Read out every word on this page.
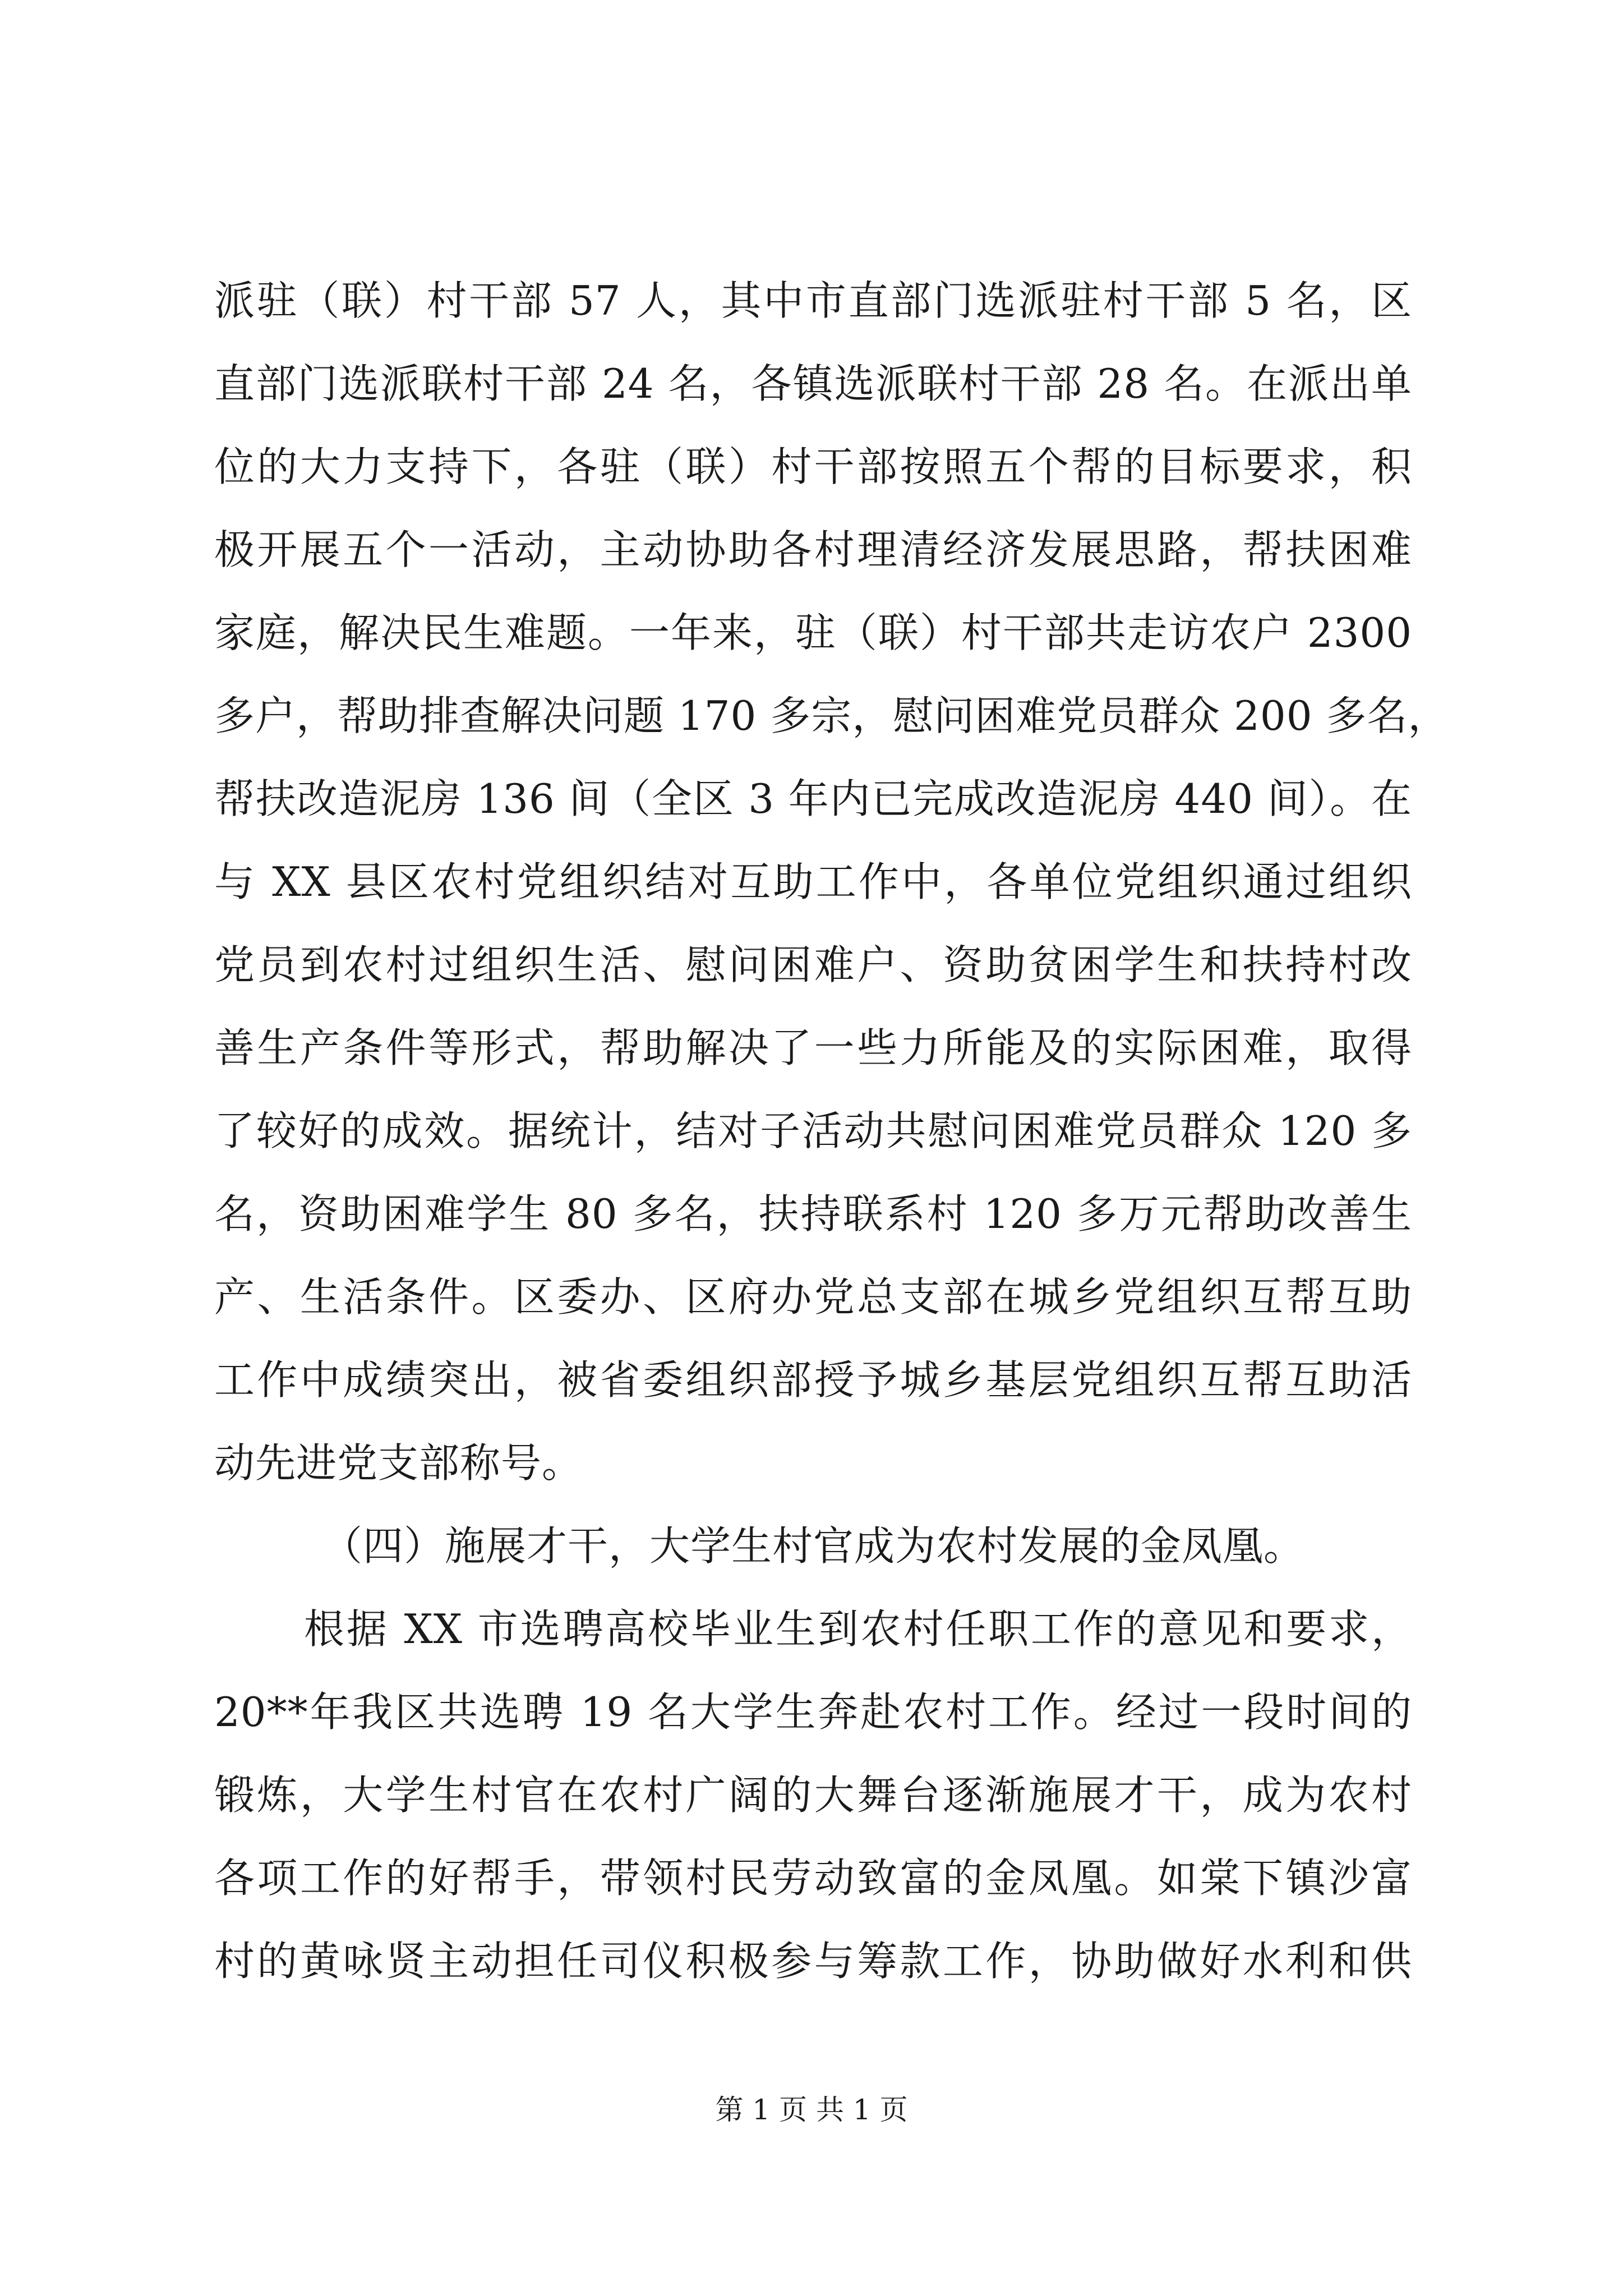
派驻（联）村干部 57 人，其中市直部门选派驻村干部 5 名，区
直部门选派联村干部 24 名，各镇选派联村干部 28 名。在派出单
位的大力支持下，各驻（联）村干部按照五个帮的目标要求，积
极开展五个一活动，主动协助各村理清经济发展思路，帮扶困难
家庭，解决民生难题。一年来，驻（联）村干部共走访农户 2300
多户，帮助排查解决问题 170 多宗，慰问困难党员群众 200 多名，
帮扶改造泥房 136 间（全区 3 年内已完成改造泥房 440 间）。在
与 XX 县区农村党组织结对互助工作中，各单位党组织通过组织
党员到农村过组织生活、慰问困难户、资助贫困学生和扶持村改
善生产条件等形式，帮助解决了一些力所能及的实际困难，取得
了较好的成效。据统计，结对子活动共慰问困难党员群众 120 多
名，资助困难学生 80 多名，扶持联系村 120 多万元帮助改善生
产、生活条件。区委办、区府办党总支部在城乡党组织互帮互助
工作中成绩突出，被省委组织部授予城乡基层党组织互帮互助活
动先进党支部称号。
（四）施展才干，大学生村官成为农村发展的金凤凰。
根据 XX 市选聘高校毕业生到农村任职工作的意见和要求，
20**年我区共选聘 19 名大学生奔赴农村工作。经过一段时间的
锻炼，大学生村官在农村广阔的大舞台逐渐施展才干，成为农村
各项工作的好帮手，带领村民劳动致富的金凤凰。如棠下镇沙富
村的黄咏贤主动担任司仪积极参与筹款工作，协助做好水利和供
第 1 页 共 1 页
